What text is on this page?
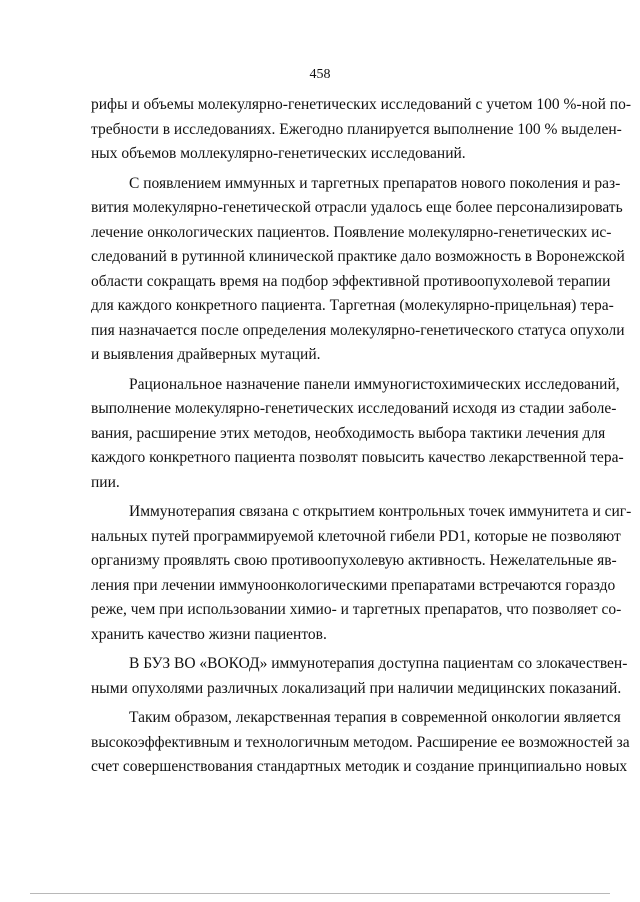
458
рифы и объемы молекулярно-генетических исследований с учетом 100 %-ной по-
требности в исследованиях. Ежегодно планируется выполнение 100 % выделен-
ных объемов моллекулярно-генетических исследований.
С появлением иммунных и таргетных препаратов нового поколения и раз-
вития молекулярно-генетической отрасли удалось еще более персонализировать
лечение онкологических пациентов. Появление молекулярно-генетических ис-
следований в рутинной клинической практике дало возможность в Воронежской
области сокращать время на подбор эффективной противоопухолевой терапии
для каждого конкретного пациента. Таргетная (молекулярно-прицельная) тера-
пия назначается после определения молекулярно-генетического статуса опухоли
и выявления драйверных мутаций.
Рациональное назначение панели иммуногистохимических исследований,
выполнение молекулярно-генетических исследований исходя из стадии заболе-
вания, расширение этих методов, необходимость выбора тактики лечения для
каждого конкретного пациента позволят повысить качество лекарственной тера-
пии.
Иммунотерапия связана с открытием контрольных точек иммунитета и сиг-
нальных путей программируемой клеточной гибели PD1, которые не позволяют
организму проявлять свою противоопухолевую активность. Нежелательные яв-
ления при лечении иммуноонкологическими препаратами встречаются гораздо
реже, чем при использовании химио- и таргетных препаратов, что позволяет со-
хранить качество жизни пациентов.
В БУЗ ВО «ВОКОД» иммунотерапия доступна пациентам со злокачествен-
ными опухолями различных локализаций при наличии медицинских показаний.
Таким образом, лекарственная терапия в современной онкологии является
высокоэффективным и технологичным методом. Расширение ее возможностей за
счет совершенствования стандартных методик и создание принципиально новых
